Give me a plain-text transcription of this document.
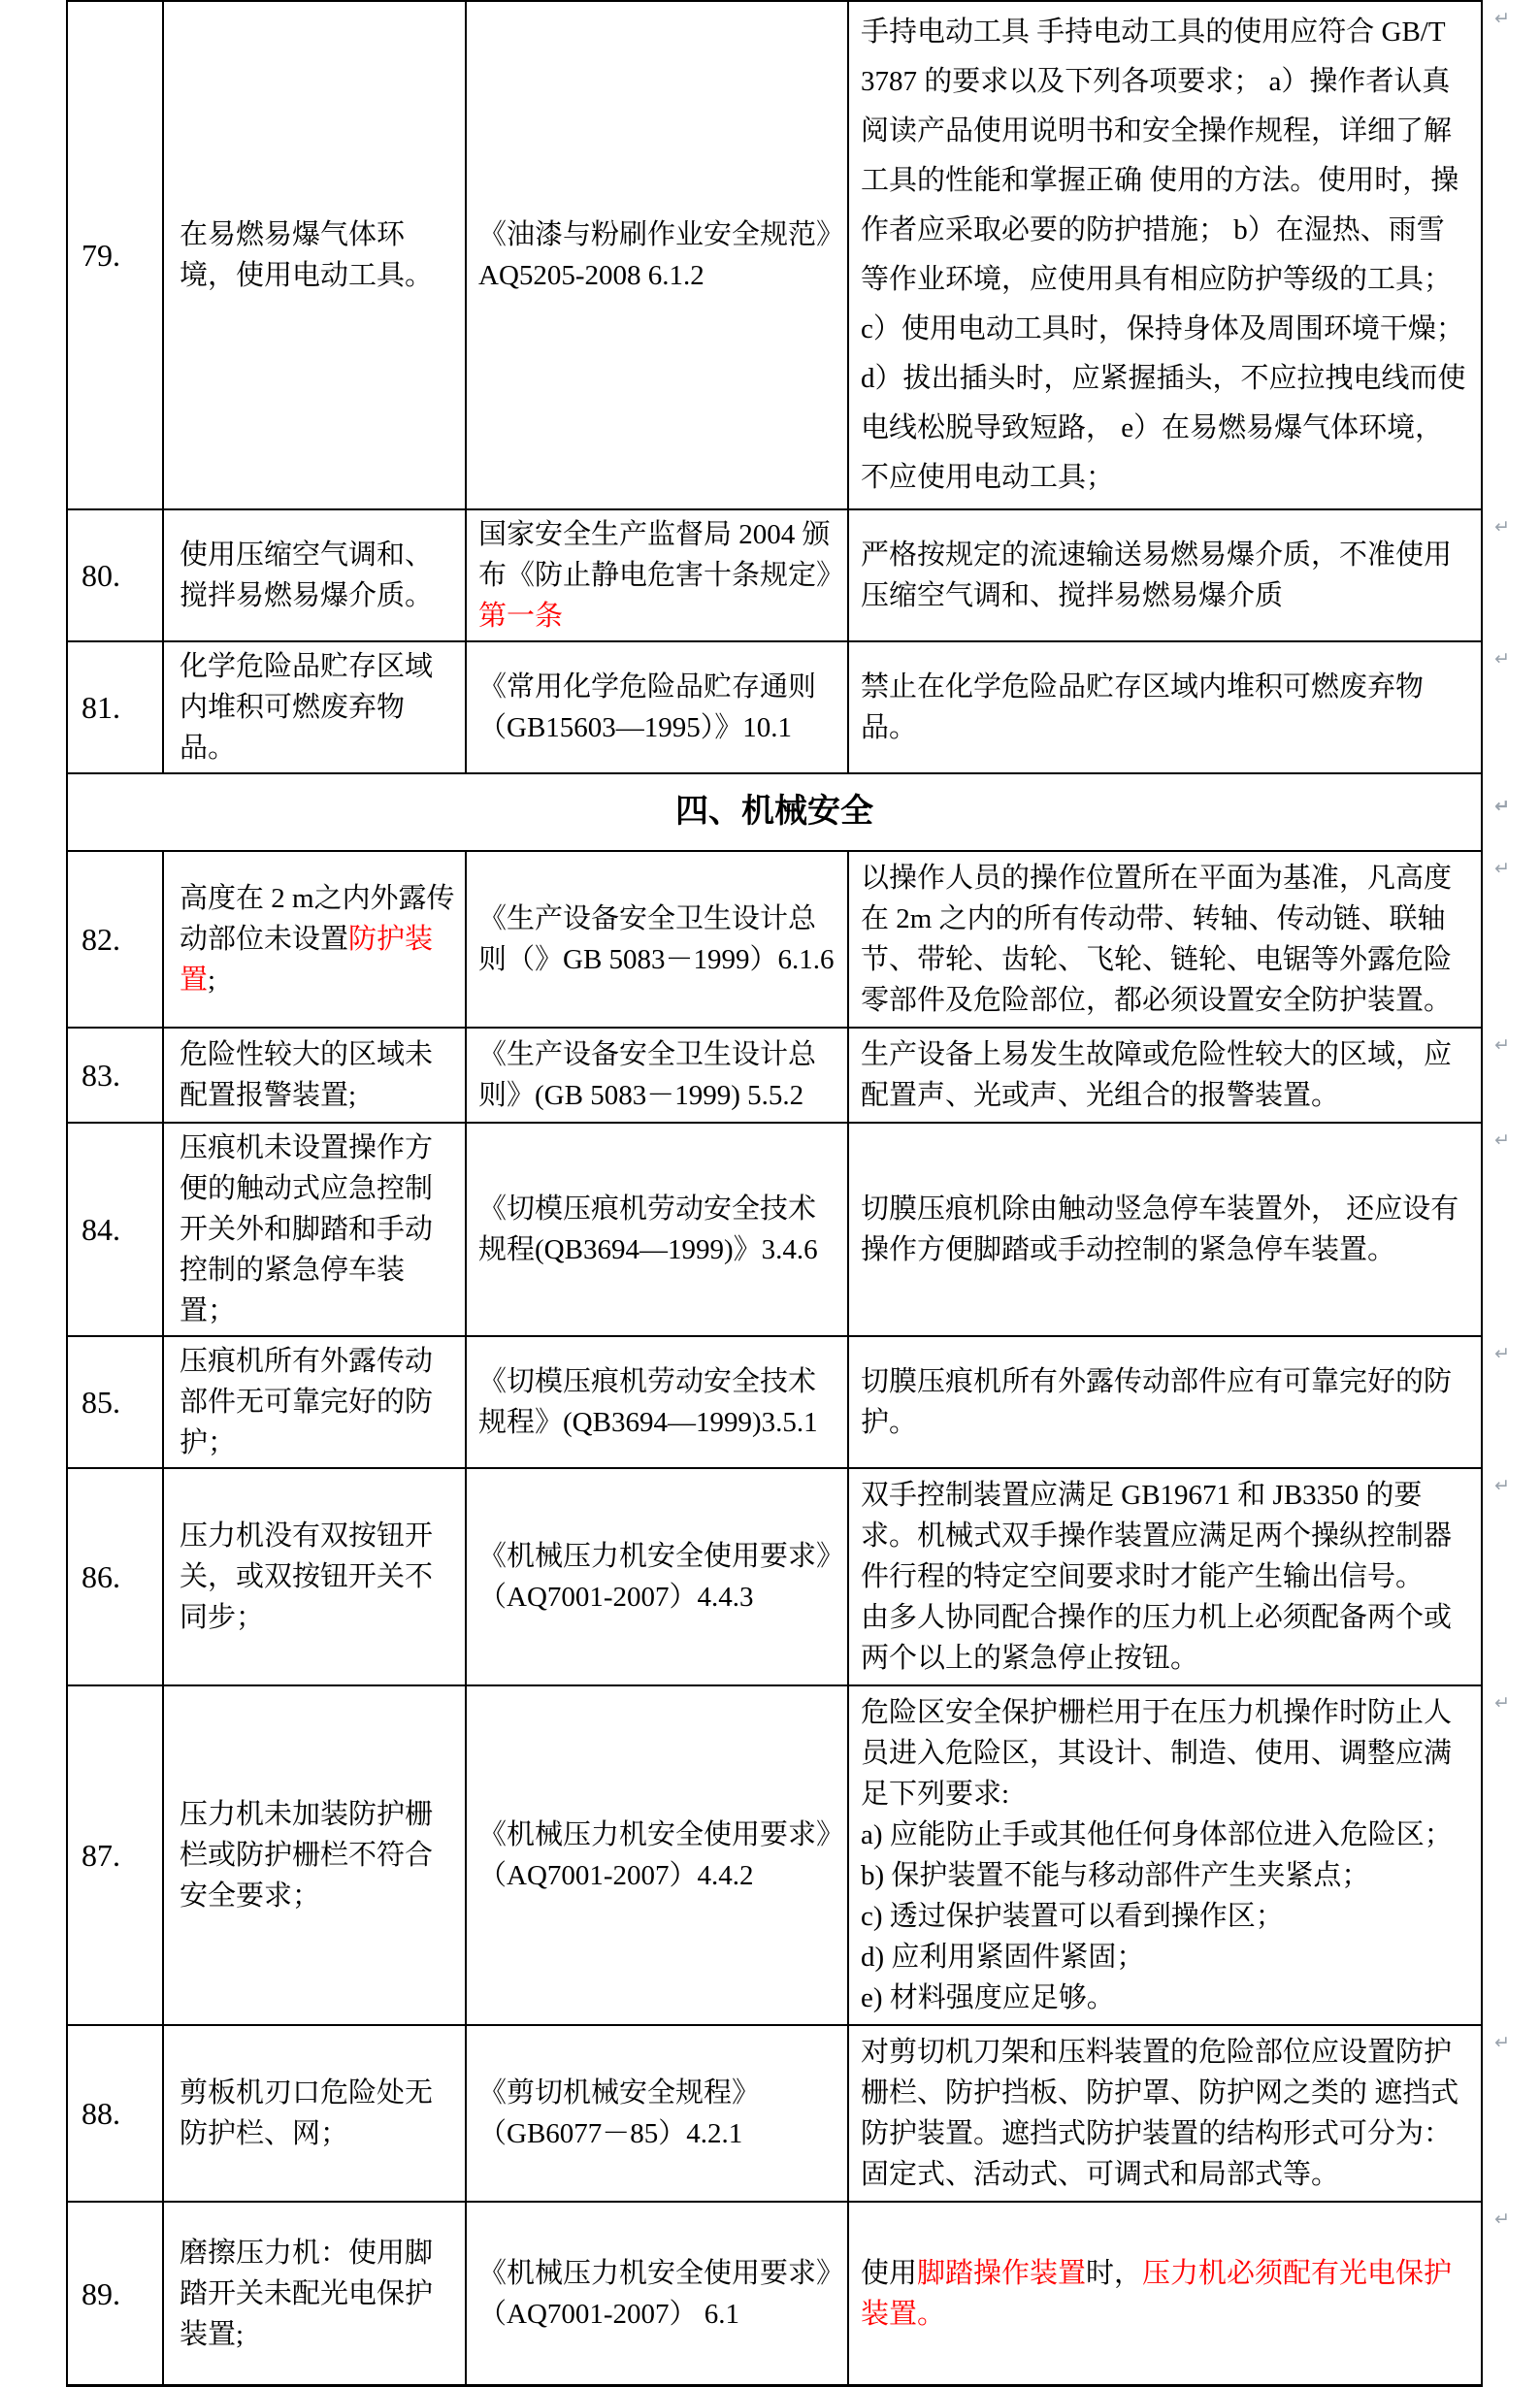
79.
在易燃易爆气体环境，使用电动工具。
《油漆与粉刷作业安全规范》AQ5205-2008 6.1.2
手持电动工具 手持电动工具的使用应符合 GB/T 3787 的要求以及下列各项要求； a）操作者认真阅读产品使用说明书和安全操作规程，详细了解工具的性能和掌握正确 使用的方法。使用时，操作者应采取必要的防护措施； b）在湿热、雨雪等作业环境，应使用具有相应防护等级的工具； c）使用电动工具时，保持身体及周围环境干燥； d）拔出插头时，应紧握插头，不应拉拽电线而使电线松脱导致短路， e）在易燃易爆气体环境，不应使用电动工具；
↵
80.
使用压缩空气调和、搅拌易燃易爆介质。
国家安全生产监督局 2004 颁布《防止静电危害十条规定》
第一条
严格按规定的流速输送易燃易爆介质，不准使用压缩空气调和、搅拌易燃易爆介质
↵
81.
化学危险品贮存区域内堆积可燃废弃物品。
《常用化学危险品贮存通则（GB15603—1995）》10.1
禁止在化学危险品贮存区域内堆积可燃废弃物品。
↵
四、机械安全	↵
82.
高度在 2 m之内外露传动部位未设置防护装置;
《生产设备安全卫生设计总则（》GB 5083－1999）6.1.6
以操作人员的操作位置所在平面为基准，凡高度在 2m 之内的所有传动带、转轴、传动链、联轴节、带轮、齿轮、飞轮、链轮、电锯等外露危险零部件及危险部位，都必须设置安全防护装置。
↵
83.
危险性较大的区域未配置报警装置;
《生产设备安全卫生设计总则》(GB 5083－1999) 5.5.2
生产设备上易发生故障或危险性较大的区域，应配置声、光或声、光组合的报警装置。
↵
84.
压痕机未设置操作方便的触动式应急控制开关外和脚踏和手动控制的紧急停车装置；
《切模压痕机劳动安全技术规程(QB3694—1999)》3.4.6
切膜压痕机除由触动竖急停车装置外， 还应设有操作方便脚踏或手动控制的紧急停车装置。
↵
85.
压痕机所有外露传动部件无可靠完好的防护；
《切模压痕机劳动安全技术规程》(QB3694—1999)3.5.1
切膜压痕机所有外露传动部件应有可靠完好的防护。
↵
86.
压力机没有双按钮开关，或双按钮开关不同步；
《机械压力机安全使用要求》（AQ7001-2007）4.4.3
双手控制装置应满足 GB19671 和 JB3350 的要求。机械式双手操作装置应满足两个操纵控制器件行程的特定空间要求时才能产生输出信号。
由多人协同配合操作的压力机上必须配备两个或两个以上的紧急停止按钮。
↵
87.
压力机未加装防护栅栏或防护栅栏不符合安全要求；
《机械压力机安全使用要求》（AQ7001-2007）4.4.2
危险区安全保护栅栏用于在压力机操作时防止人员进入危险区，其设计、制造、使用、调整应满足下列要求:
a) 应能防止手或其他任何身体部位进入危险区；
b) 保护装置不能与移动部件产生夹紧点；
c) 透过保护装置可以看到操作区；
d) 应利用紧固件紧固；
e) 材料强度应足够。
↵
88.
剪板机刃口危险处无防护栏、网；
《剪切机械安全规程》（GB6077－85）4.2.1
对剪切机刀架和压料装置的危险部位应设置防护栅栏、防护挡板、防护罩、防护网之类的 遮挡式防护装置。遮挡式防护装置的结构形式可分为：固定式、活动式、可调式和局部式等。
↵
89.
磨擦压力机：使用脚踏开关未配光电保护装置;
《机械压力机安全使用要求》（AQ7001-2007） 6.1
使用脚踏操作装置时，压力机必须配有光电保护装置。
↵
